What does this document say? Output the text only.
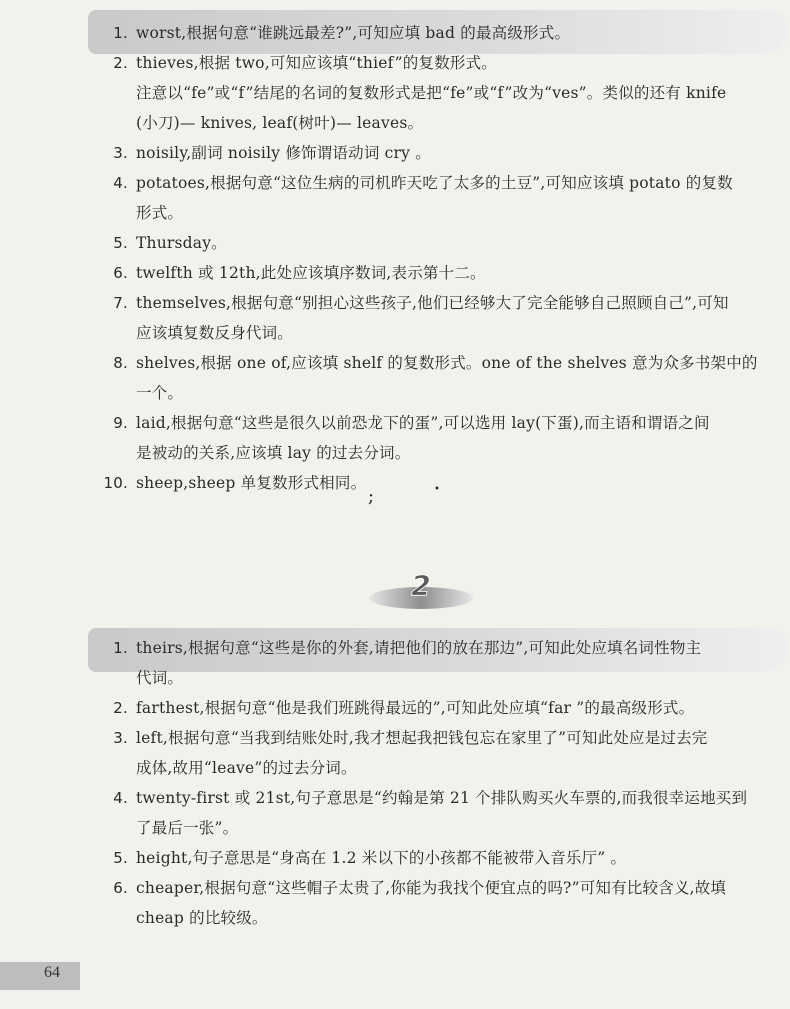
1. worst,根据句意“谁跳远最差?”,可知应填 bad 的最高级形式。
2. thieves,根据 two,可知应该填“thief”的复数形式。
注意以“fe”或“f”结尾的名词的复数形式是把“fe”或“f”改为“ves”。类似的还有 knife
(小刀)— knives, leaf(树叶)— leaves。
3. noisily,副词 noisily 修饰谓语动词 cry 。
4. potatoes,根据句意“这位生病的司机昨天吃了太多的土豆”,可知应该填 potato 的复数
形式。
5. Thursday。
6. twelfth 或 12th,此处应该填序数词,表示第十二。
7. themselves,根据句意“别担心这些孩子,他们已经够大了完全能够自己照顾自己”,可知
应该填复数反身代词。
8. shelves,根据 one of,应该填 shelf 的复数形式。one of the shelves 意为众多书架中的
一个。
9. laid,根据句意“这些是很久以前恐龙下的蛋”,可以选用 lay(下蛋),而主语和谓语之间
是被动的关系,应该填 lay 的过去分词。
10. sheep,sheep 单复数形式相同。
2
1. theirs,根据句意“这些是你的外套,请把他们的放在那边”,可知此处应填名词性物主
代词。
2. farthest,根据句意“他是我们班跳得最远的”,可知此处应填“far ”的最高级形式。
3. left,根据句意“当我到结账处时,我才想起我把钱包忘在家里了”可知此处应是过去完
成体,故用“leave”的过去分词。
4. twenty-first 或 21st,句子意思是“约翰是第 21 个排队购买火车票的,而我很幸运地买到
了最后一张”。
5. height,句子意思是“身高在 1.2 米以下的小孩都不能被带入音乐厅” 。
6. cheaper,根据句意“这些帽子太贵了,你能为我找个便宜点的吗?”可知有比较含义,故填
cheap 的比较级。
;	•
64
